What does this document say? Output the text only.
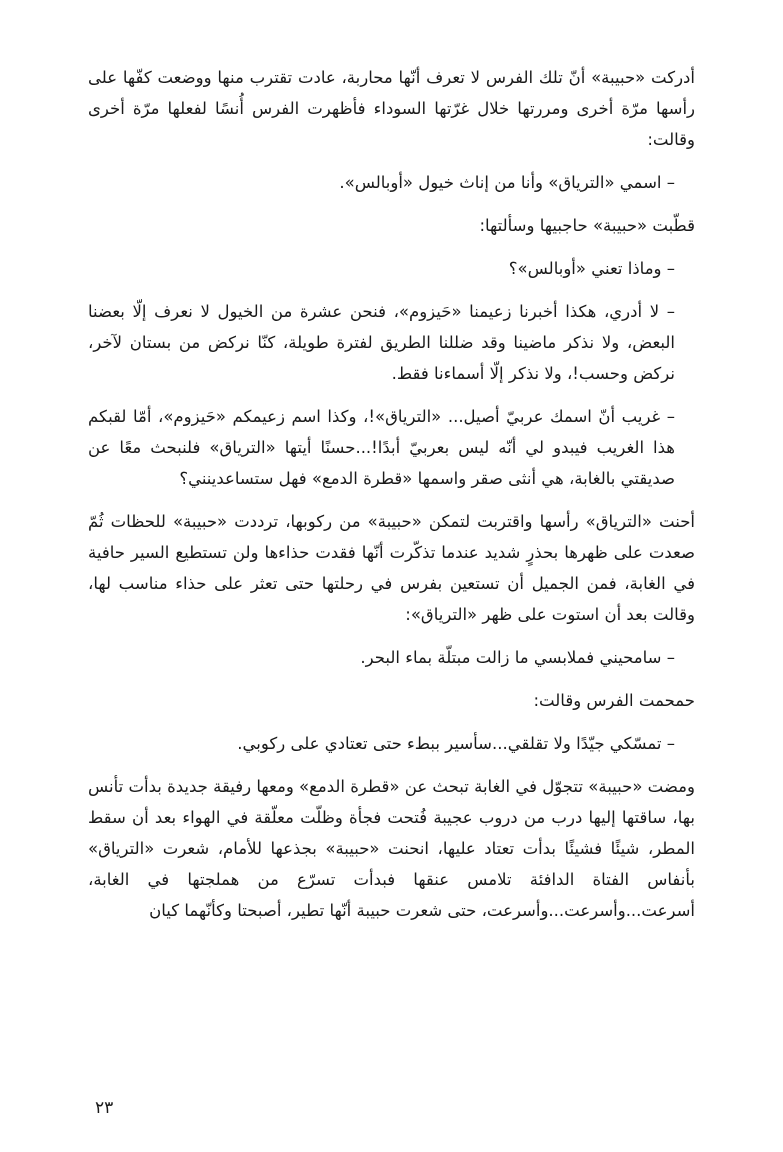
أدركت «حبيبة» أنّ تلك الفرس لا تعرف أنّها محاربة، عادت تقترب منها ووضعت كفّها على رأسها مرّة أخرى ومررتها خلال غرّتها السوداء فأظهرت الفرس أُنسًا لفعلها مرّة أخرى وقالت:

– اسمي «الترياق» وأنا من إناث خيول «أوبالس».

قطّبت «حبيبة» حاجبيها وسألتها:

– وماذا تعني «أوبالس»؟

– لا أدري، هكذا أخبرنا زعيمنا «حَيزوم»، فنحن عشرة من الخيول لا نعرف إلّا بعضنا البعض، ولا نذكر ماضينا وقد ضللنا الطريق لفترة طويلة، كنّا نركض من بستان لآخر، نركض وحسب!، ولا نذكر إلّا أسماءنا فقط.

– غريب أنّ اسمك عربيّ أصيل... «الترياق»!، وكذا اسم زعيمكم «حَيزوم»، أمّا لقبكم هذا الغريب فيبدو لي أنّه ليس بعربيّ أبدًا!...حسنًا أيتها «الترياق» فلنبحث معًا عن صديقتي بالغابة، هي أنثى صقر واسمها «قطرة الدمع» فهل ستساعدينني؟

أحنت «الترياق» رأسها واقتربت لتمكن «حبيبة» من ركوبها، ترددت «حبيبة» للحظات ثُمّ صعدت على ظهرها بحذرٍ شديد عندما تذكّرت أنّها فقدت حذاءها ولن تستطيع السير حافية في الغابة، فمن الجميل أن تستعين بفرس في رحلتها حتى تعثر على حذاء مناسب لها، وقالت بعد أن استوت على ظهر «الترياق»:

– سامحيني فملابسي ما زالت مبتلّة بماء البحر.

حمحمت الفرس وقالت:

– تمسّكي جيّدًا ولا تقلقي...سأسير ببطء حتى تعتادي على ركوبي.

ومضت «حبيبة» تتجوّل في الغابة تبحث عن «قطرة الدمع» ومعها رفيقة جديدة بدأت تأنس بها، ساقتها إليها درب من دروب عجيبة فُتحت فجأة وظلّت معلّقة في الهواء بعد أن سقط المطر، شيئًا فشيئًا بدأت تعتاد عليها، انحنت «حبيبة» بجذعها للأمام، شعرت «الترياق» بأنفاس الفتاة الدافئة تلامس عنقها فبدأت تسرّع من هملجتها في الغابة، أسرعت...وأسرعت...وأسرعت، حتى شعرت حبيبة أنّها تطير، أصبحتا وكأنّهما كيان

٢٣
